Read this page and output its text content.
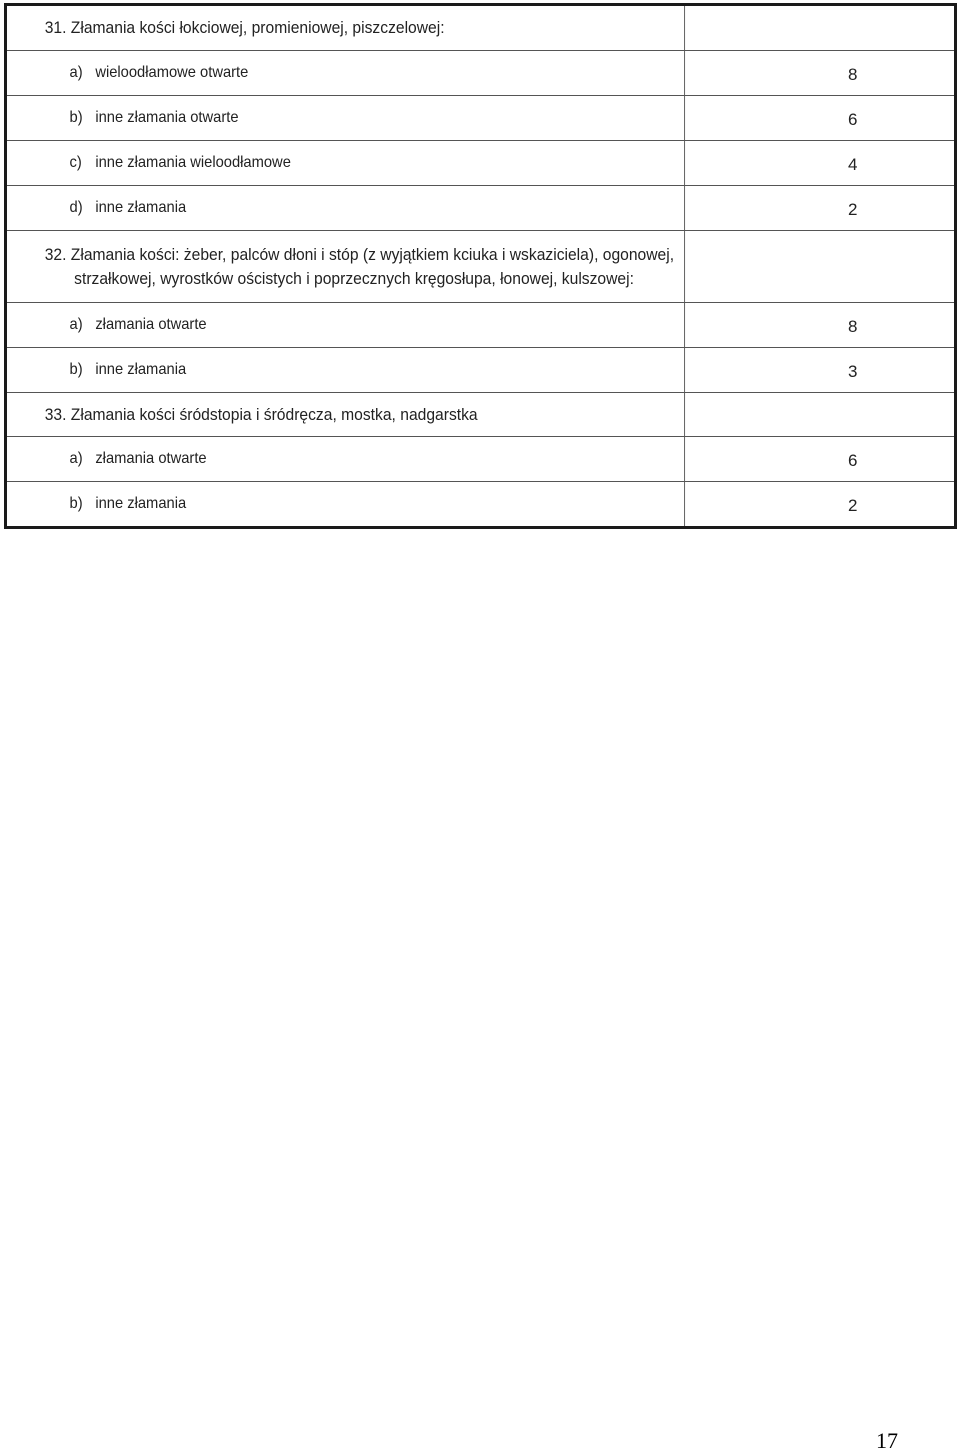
31. Złamania kości łokciowej, promieniowej, piszczelowej:
a) wieloodłamowe otwarte	8
b) inne złamania otwarte	6
c) inne złamania wieloodłamowe	4
d) inne złamania	2
32. Złamania kości: żeber, palców dłoni i stóp (z wyjątkiem kciuka i wskaziciela), ogonowej,
strzałkowej, wyrostków ościstych i poprzecznych kręgosłupa, łonowej, kulszowej:
a) złamania otwarte	8
b) inne złamania	3
33. Złamania kości śródstopia i śródręcza, mostka, nadgarstka
a) złamania otwarte	6
b) inne złamania	2
17
